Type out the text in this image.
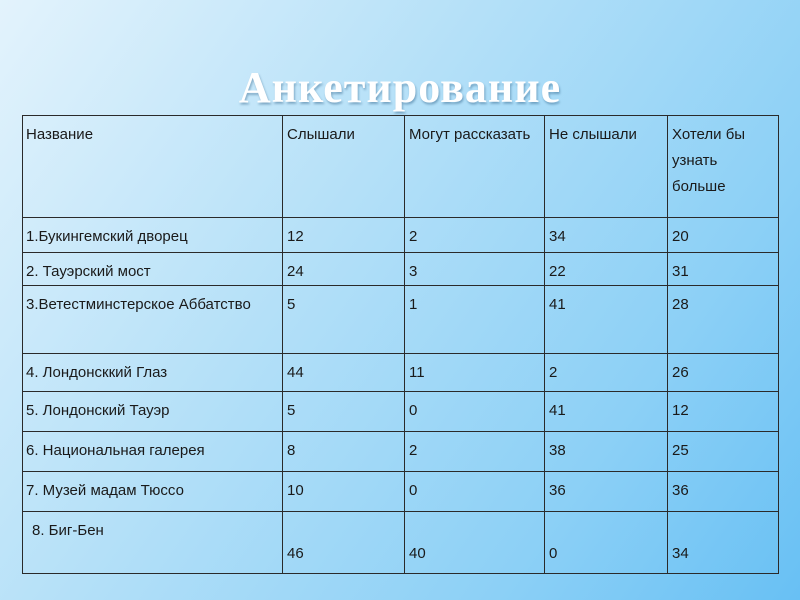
Анкетирование
Название	Слышали	Могут рассказать	Не слышали	Хотели бы узнать больше
1.Букингемский дворец	12	2	34	20
2. Тауэрский мост	24	3	22	31
3.Ветестминстерское Аббатство	5	1	41	28
4. Лондонсккий Глаз	44	11	2	26
5. Лондонский Тауэр	5	0	41	12
6. Национальная галерея	8	2	38	25
7. Музей мадам Тюссо	10	0	36	36
8. Биг-Бен	46	40	0	34
